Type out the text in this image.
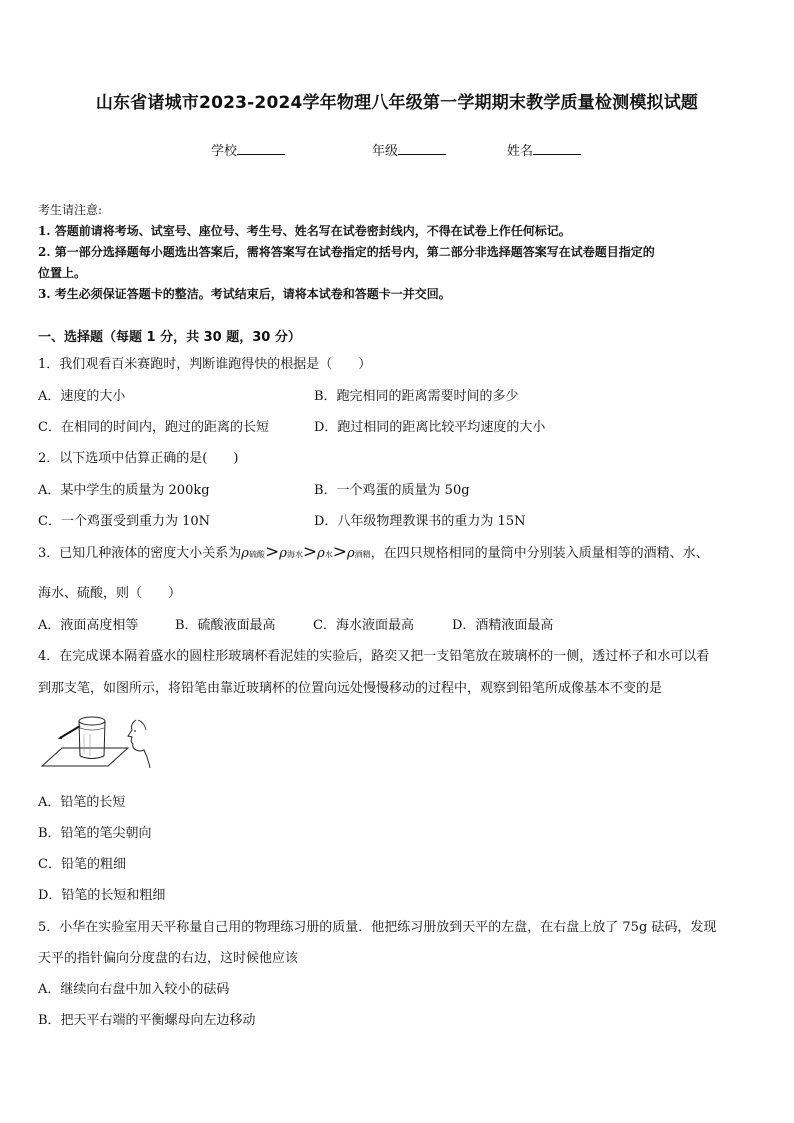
山东省诸城市2023-2024学年物理八年级第一学期期末教学质量检测模拟试题
学校	年级	姓名
考生请注意:
1. 答题前请将考场、试室号、座位号、考生号、姓名写在试卷密封线内，不得在试卷上作任何标记。
2. 第一部分选择题每小题选出答案后，需将答案写在试卷指定的括号内，第二部分非选择题答案写在试卷题目指定的
位置上。
3. 考生必须保证答题卡的整洁。考试结束后，请将本试卷和答题卡一并交回。
一、选择题（每题 1 分，共 30 题，30 分）
1．我们观看百米赛跑时，判断谁跑得快的根据是（　　）
A．速度的大小	B．跑完相同的距离需要时间的多少
C．在相同的时间内，跑过的距离的长短	D．跑过相同的距离比较平均速度的大小
2．以下选项中估算正确的是(　　)
A．某中学生的质量为 200kg	B．一个鸡蛋的质量为 50g
C．一个鸡蛋受到重力为 10N	D．八年级物理教课书的重力为 15N
3．已知几种液体的密度大小关系为ρ硫酸>ρ海水>ρ水>ρ酒精，在四只规格相同的量筒中分别装入质量相等的酒精、水、
海水、硫酸，则（　　）
A．液面高度相等	B．硫酸液面最高	C．海水液面最高	D．酒精液面最高
4．在完成课本隔着盛水的圆柱形玻璃杯看泥娃的实验后，路奕又把一支铅笔放在玻璃杯的一侧，透过杯子和水可以看
到那支笔，如图所示，将铅笔由靠近玻璃杯的位置向远处慢慢移动的过程中，观察到铅笔所成像基本不变的是
A．铅笔的长短
B．铅笔的笔尖朝向
C．铅笔的粗细
D．铅笔的长短和粗细
5．小华在实验室用天平称量自己用的物理练习册的质量．他把练习册放到天平的左盘，在右盘上放了 75g 砝码，发现
天平的指针偏向分度盘的右边，这时候他应该
A．继续向右盘中加入较小的砝码
B．把天平右端的平衡螺母向左边移动
